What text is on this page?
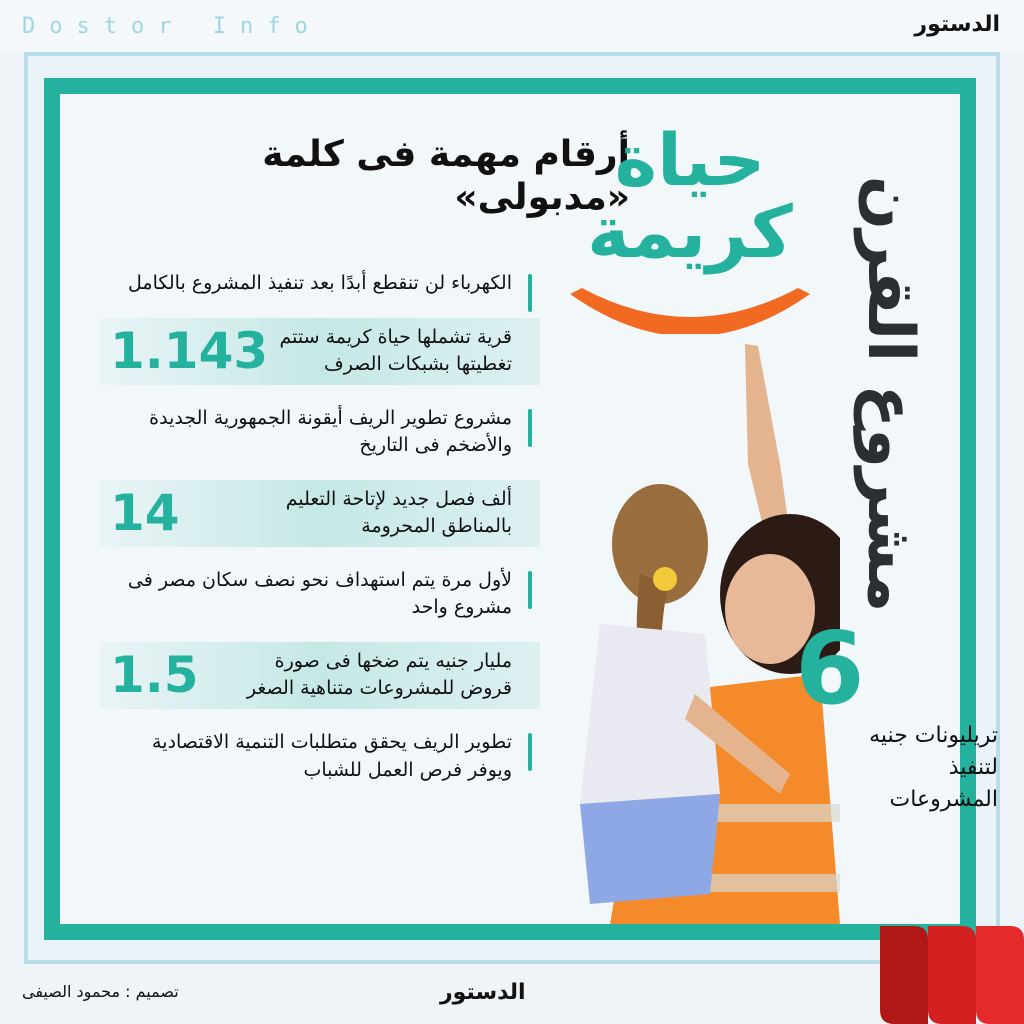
Dostor Info	الدستور
أرقام مهمة فى كلمة
«مدبولى»
حياة
كريمة مشروع القرن
الكهرباء لن تنقطع أبدًا بعد تنفيذ المشروع بالكامل
1.143 قرية تشملها حياة كريمة ستتم تغطيتها بشبكات الصرف
مشروع تطوير الريف أيقونة الجمهورية الجديدة والأضخم فى التاريخ
14	ألف فصل جديد لإتاحة التعليم بالمناطق المحرومة
لأول مرة يتم استهداف نحو نصف سكان مصر فى مشروع واحد
1.5	مليار جنيه يتم ضخها فى صورة قروض للمشروعات متناهية الصغر
تطوير الريف يحقق متطلبات التنمية الاقتصادية ويوفر فرص العمل للشباب
6
تريليونات جنيه
لتنفيذ
المشروعات
تصميم : محمود الصيفى	الدستور
